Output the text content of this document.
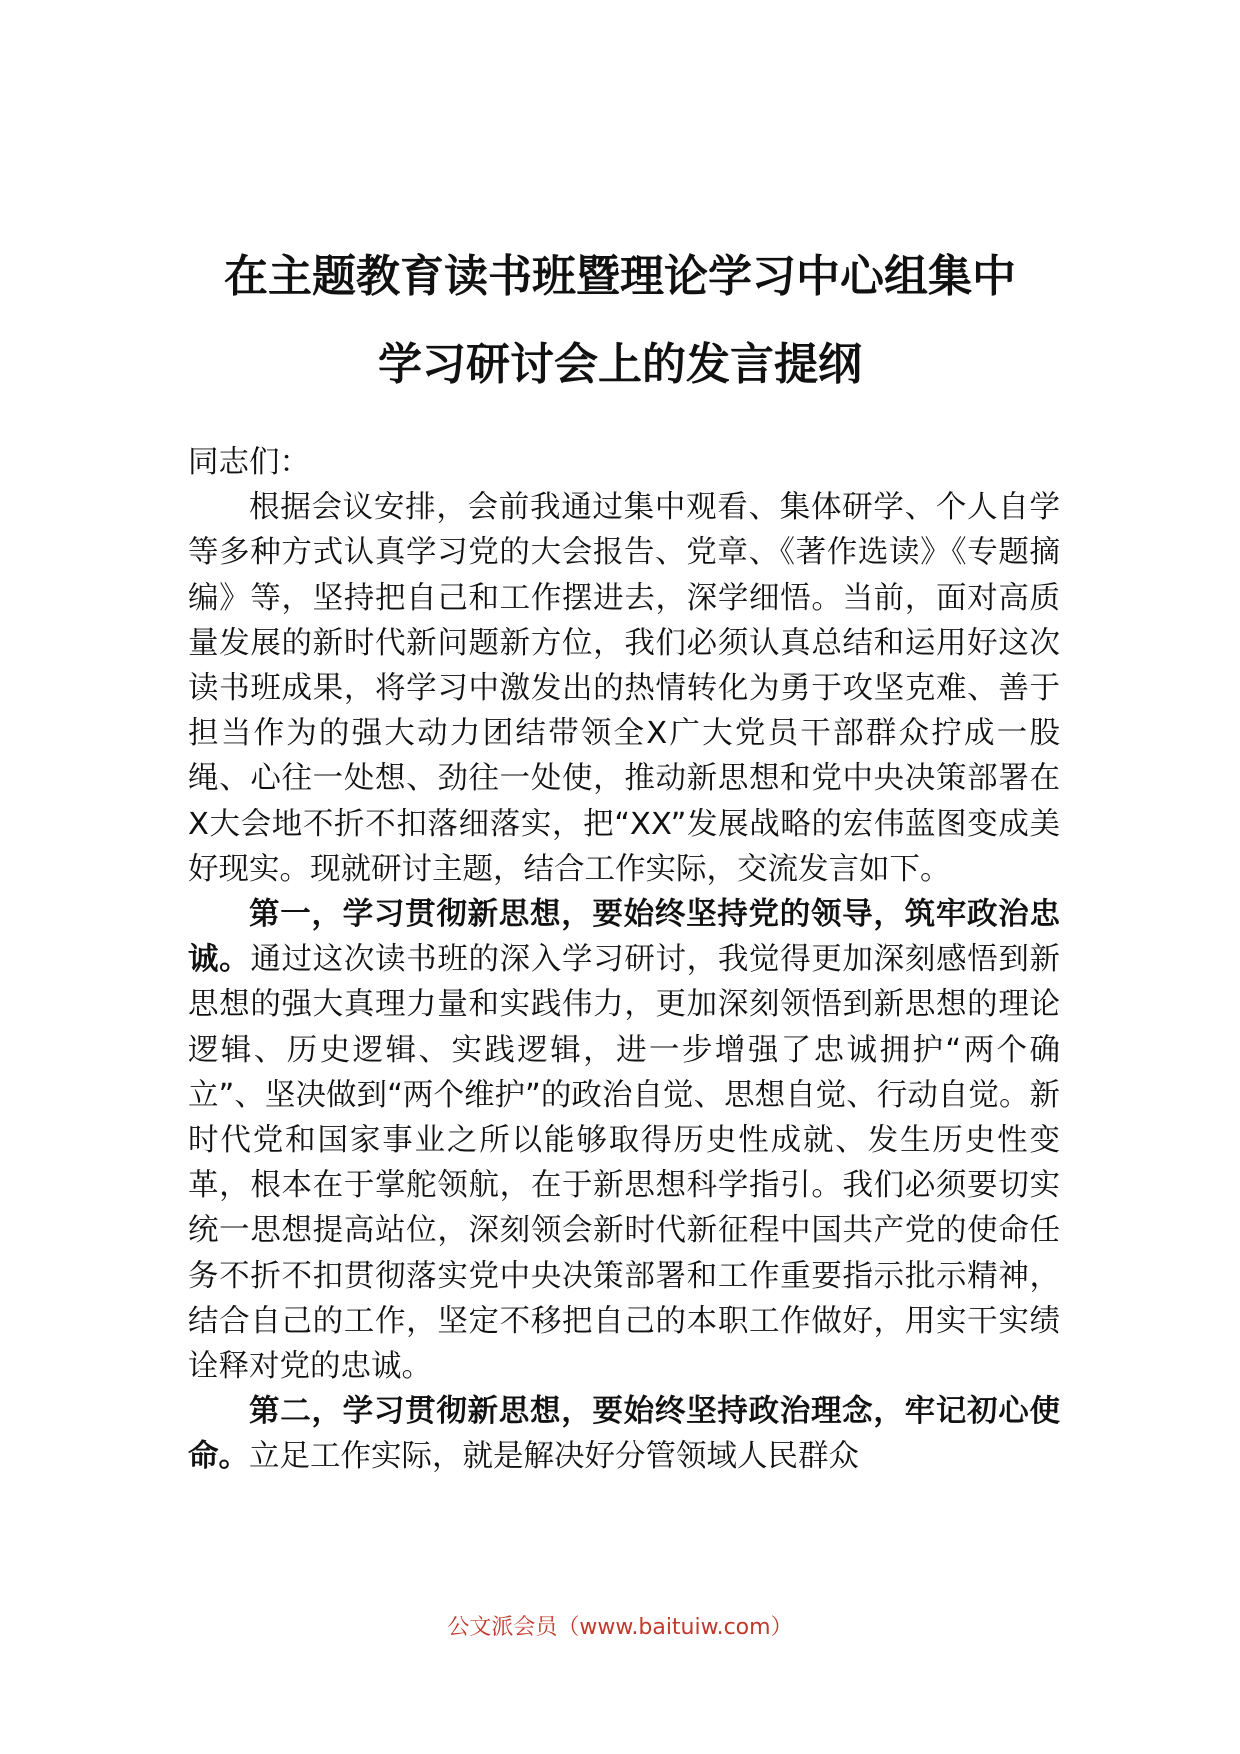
在主题教育读书班暨理论学习中心组集中
学习研讨会上的发言提纲

同志们：

根据会议安排，会前我通过集中观看、集体研学、个人自学等多种方式认真学习党的大会报告、党章、《著作选读》《专题摘编》等，坚持把自己和工作摆进去，深学细悟。当前，面对高质量发展的新时代新问题新方位，我们必须认真总结和运用好这次读书班成果，将学习中激发出的热情转化为勇于攻坚克难、善于担当作为的强大动力团结带领全X广大党员干部群众拧成一股绳、心往一处想、劲往一处使，推动新思想和党中央决策部署在X大会地不折不扣落细落实，把“XX”发展战略的宏伟蓝图变成美好现实。现就研讨主题，结合工作实际，交流发言如下。

第一，学习贯彻新思想，要始终坚持党的领导，筑牢政治忠诚。通过这次读书班的深入学习研讨，我觉得更加深刻感悟到新思想的强大真理力量和实践伟力，更加深刻领悟到新思想的理论逻辑、历史逻辑、实践逻辑，进一步增强了忠诚拥护“两个确立”、坚决做到“两个维护”的政治自觉、思想自觉、行动自觉。新时代党和国家事业之所以能够取得历史性成就、发生历史性变革，根本在于掌舵领航，在于新思想科学指引。我们必须要切实统一思想提高站位，深刻领会新时代新征程中国共产党的使命任务不折不扣贯彻落实党中央决策部署和工作重要指示批示精神，结合自己的工作，坚定不移把自己的本职工作做好，用实干实绩诠释对党的忠诚。

第二，学习贯彻新思想，要始终坚持政治理念，牢记初心使命。立足工作实际，就是解决好分管领域人民群众

公文派会员（www.baituiw.com）
